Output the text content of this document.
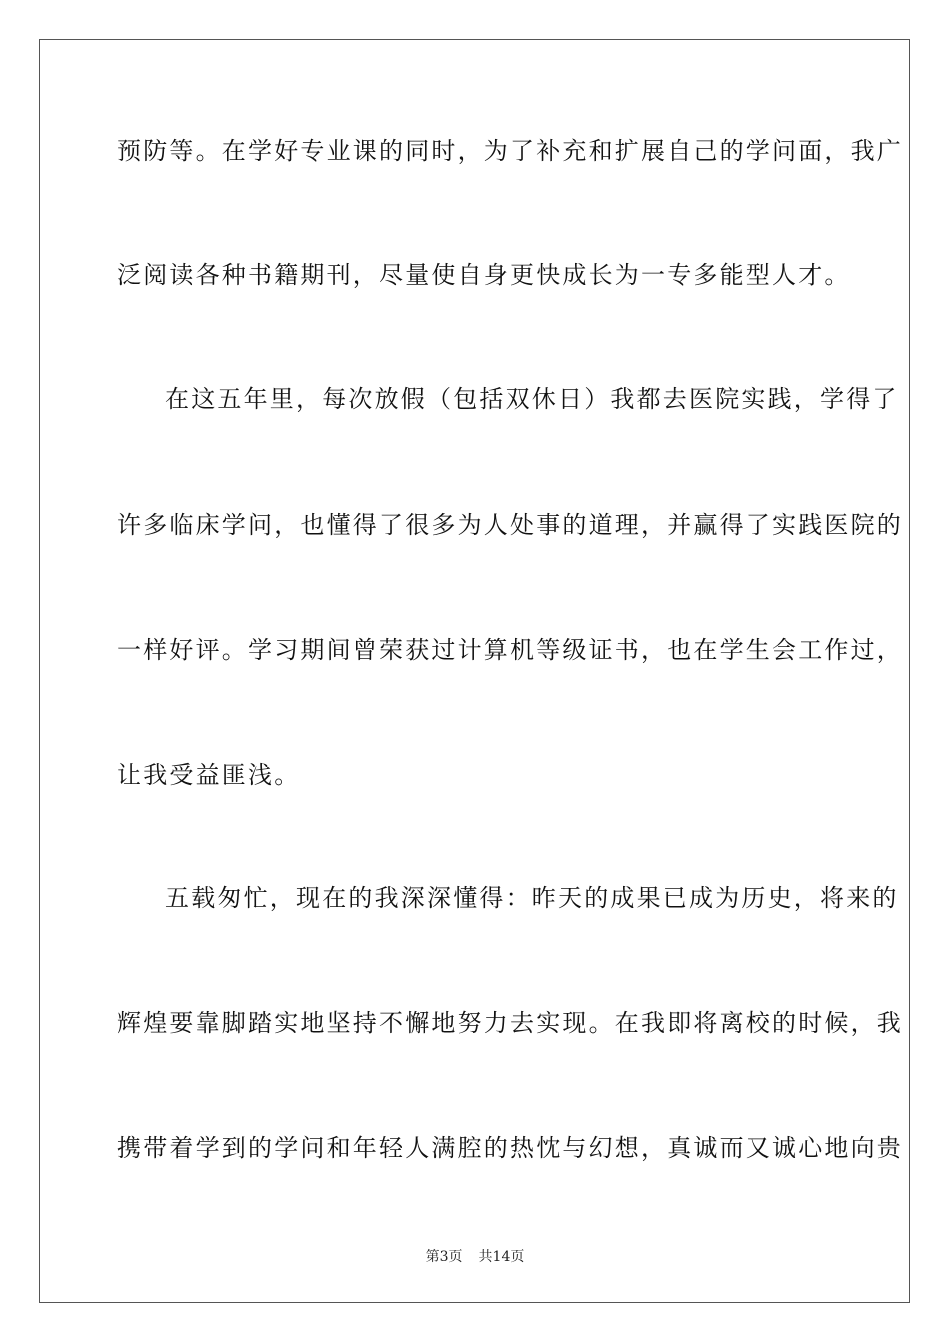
预防等。在学好专业课的同时，为了补充和扩展自己的学问面，我广
泛阅读各种书籍期刊，尽量使自身更快成长为一专多能型人才。
在这五年里，每次放假（包括双休日）我都去医院实践，学得了
许多临床学问，也懂得了很多为人处事的道理，并赢得了实践医院的
一样好评。学习期间曾荣获过计算机等级证书，也在学生会工作过，
让我受益匪浅。
五载匆忙，现在的我深深懂得：昨天的成果已成为历史，将来的
辉煌要靠脚踏实地坚持不懈地努力去实现。在我即将离校的时候，我
携带着学到的学问和年轻人满腔的热忱与幻想，真诚而又诚心地向贵
第3页 共14页
